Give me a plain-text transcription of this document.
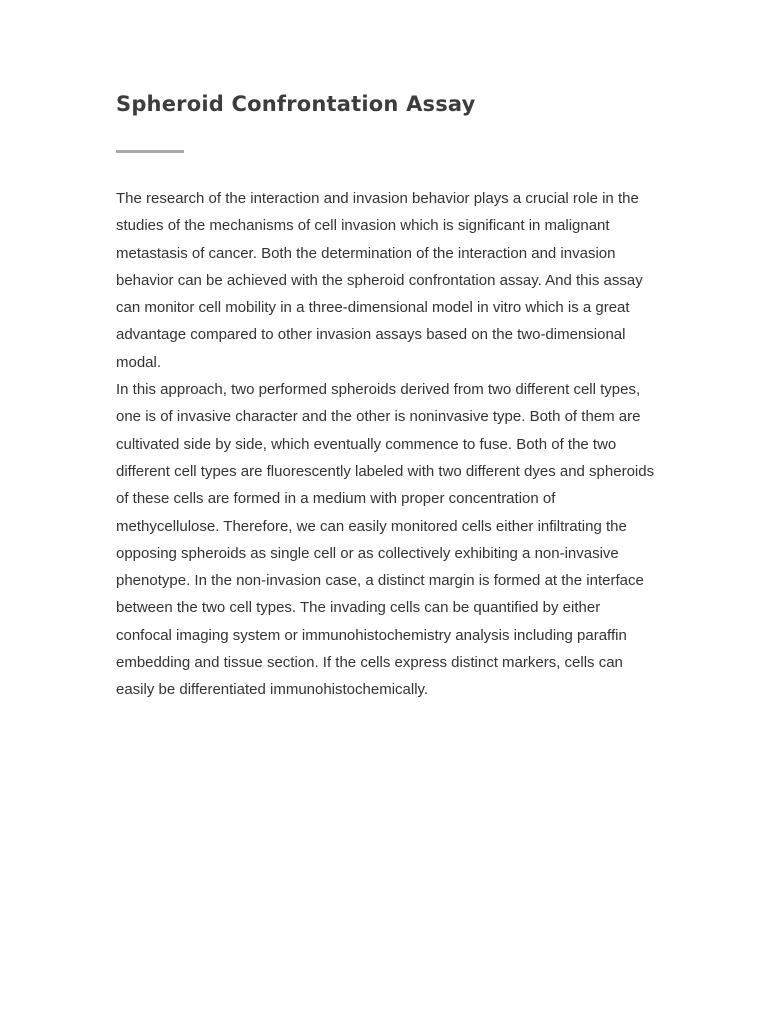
Spheroid Confrontation Assay

The research of the interaction and invasion behavior plays a crucial role in the studies of the mechanisms of cell invasion which is significant in malignant metastasis of cancer. Both the determination of the interaction and invasion behavior can be achieved with the spheroid confrontation assay. And this assay can monitor cell mobility in a three-dimensional model in vitro which is a great advantage compared to other invasion assays based on the two-dimensional modal.

In this approach, two performed spheroids derived from two different cell types, one is of invasive character and the other is noninvasive type. Both of them are cultivated side by side, which eventually commence to fuse. Both of the two different cell types are fluorescently labeled with two different dyes and spheroids of these cells are formed in a medium with proper concentration of methycellulose. Therefore, we can easily monitored cells either infiltrating the opposing spheroids as single cell or as collectively exhibiting a non-invasive phenotype. In the non-invasion case, a distinct margin is formed at the interface between the two cell types. The invading cells can be quantified by either confocal imaging system or immunohistochemistry analysis including paraffin embedding and tissue section. If the cells express distinct markers, cells can easily be differentiated immunohistochemically.
